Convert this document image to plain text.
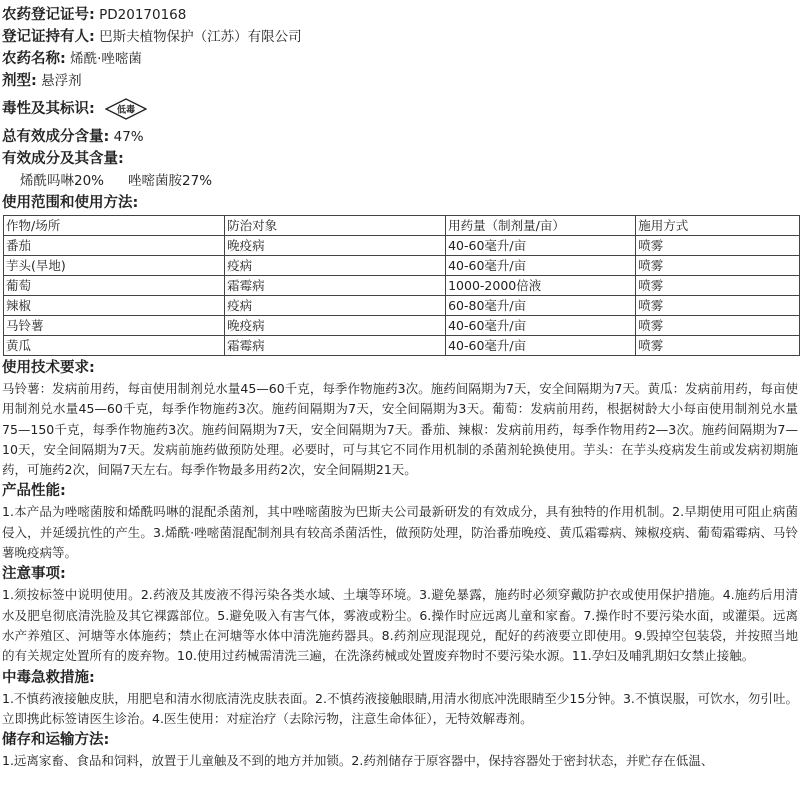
农药登记证号: PD20170168
登记证持有人: 巴斯夫植物保护（江苏）有限公司
农药名称: 烯酰·唑嘧菌
剂型: 悬浮剂
毒性及其标识: 低毒
总有效成分含量: 47%
有效成分及其含量:
烯酰吗啉20% 唑嘧菌胺27%
使用范围和使用方法:
作物/场所	防治对象	用药量（制剂量/亩）	施用方式
番茄	晚疫病	40-60毫升/亩	喷雾
芋头(旱地)	疫病	40-60毫升/亩	喷雾
葡萄	霜霉病	1000-2000倍液	喷雾
辣椒	疫病	60-80毫升/亩	喷雾
马铃薯	晚疫病	40-60毫升/亩	喷雾
黄瓜	霜霉病	40-60毫升/亩	喷雾
使用技术要求:

马铃薯：发病前用药，每亩使用制剂兑水量45—60千克，每季作物施药3次。施药间隔期为7天，安全间隔期为7天。黄瓜：发病前用药，每亩使用制剂兑水量45—60千克，每季作物施药3次。施药间隔期为7天，安全间隔期为3天。葡萄：发病前用药，根据树龄大小每亩使用制剂兑水量75—150千克，每季作物施药3次。施药间隔期为7天，安全间隔期为7天。番茄、辣椒：发病前用药，每季作物用药2—3次。施药间隔期为7—10天，安全间隔期为7天。发病前施药做预防处理。必要时，可与其它不同作用机制的杀菌剂轮换使用。芋头：在芋头疫病发生前或发病初期施药，可施药2次，间隔7天左右。每季作物最多用药2次，安全间隔期21天。

产品性能:

1.本产品为唑嘧菌胺和烯酰吗啉的混配杀菌剂，其中唑嘧菌胺为巴斯夫公司最新研发的有效成分，具有独特的作用机制。2.早期使用可阻止病菌侵入，并延缓抗性的产生。3.烯酰·唑嘧菌混配制剂具有较高杀菌活性，做预防处理，防治番茄晚疫、黄瓜霜霉病、辣椒疫病、葡萄霜霉病、马铃薯晚疫病等。

注意事项:

1.须按标签中说明使用。2.药液及其废液不得污染各类水域、土壤等环境。3.避免暴露，施药时必须穿戴防护衣或使用保护措施。4.施药后用清水及肥皂彻底清洗脸及其它裸露部位。5.避免吸入有害气体，雾液或粉尘。6.操作时应远离儿童和家畜。7.操作时不要污染水面，或灌渠。远离水产养殖区、河塘等水体施药；禁止在河塘等水体中清洗施药器具。8.药剂应现混现兑，配好的药液要立即使用。9.毁掉空包装袋，并按照当地的有关规定处置所有的废弃物。10.使用过药械需清洗三遍，在洗涤药械或处置废弃物时不要污染水源。11.孕妇及哺乳期妇女禁止接触。

中毒急救措施:

1.不慎药液接触皮肤，用肥皂和清水彻底清洗皮肤表面。2.不慎药液接触眼睛,用清水彻底冲洗眼睛至少15分钟。3.不慎误服，可饮水，勿引吐。立即携此标签请医生诊治。4.医生使用：对症治疗（去除污物，注意生命体征），无特效解毒剂。

储存和运输方法:

1.远离家畜、食品和饲料，放置于儿童触及不到的地方并加锁。2.药剂储存于原容器中，保持容器处于密封状态，并贮存在低温、
